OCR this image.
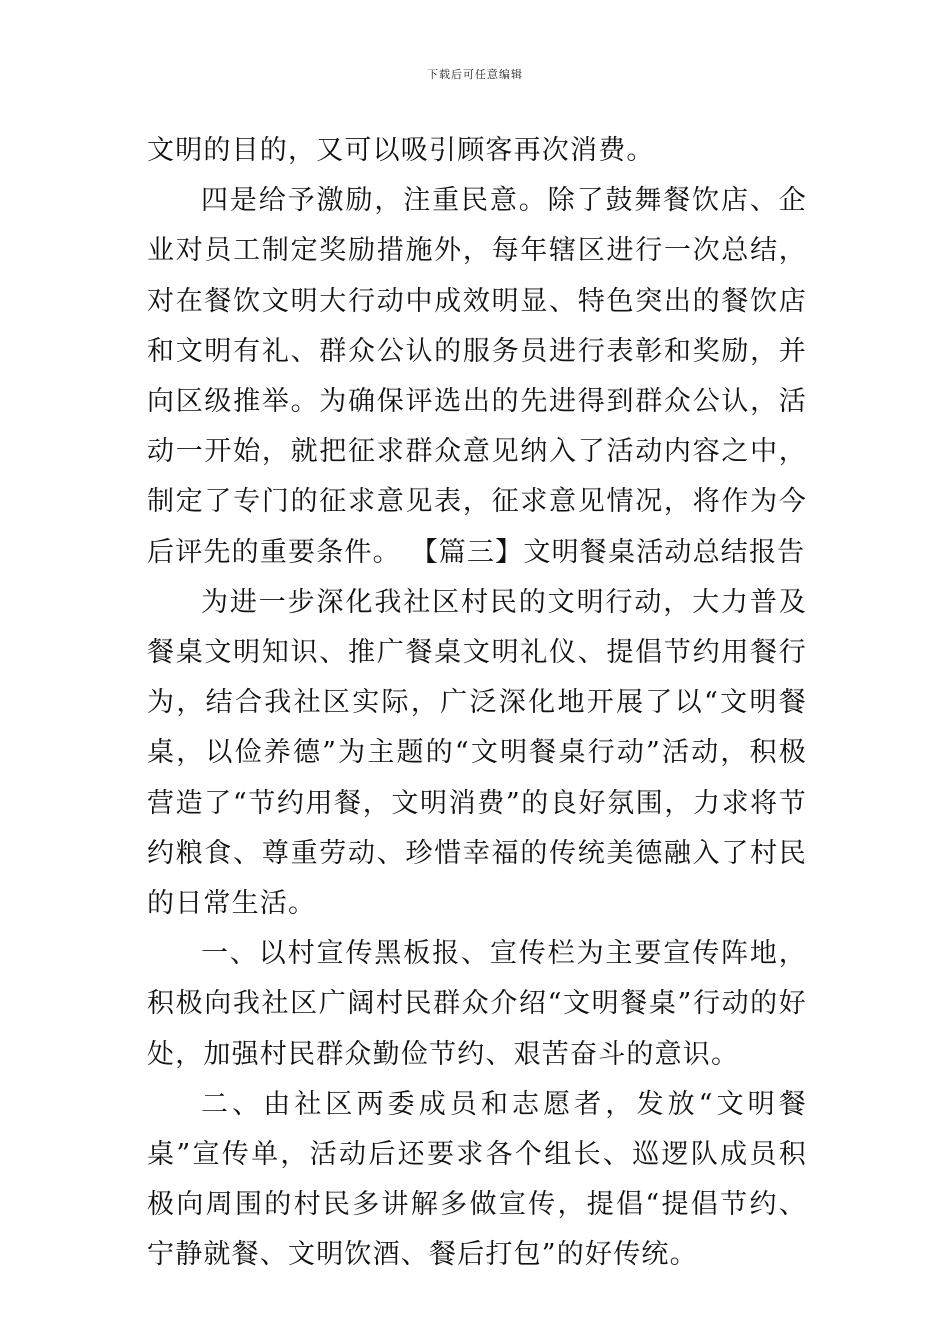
下载后可任意编辑

文明的目的，又可以吸引顾客再次消费。

四是给予激励，注重民意。除了鼓舞餐饮店、企业对员工制定奖励措施外，每年辖区进行一次总结，对在餐饮文明大行动中成效明显、特色突出的餐饮店和文明有礼、群众公认的服务员进行表彰和奖励，并向区级推举。为确保评选出的先进得到群众公认，活动一开始，就把征求群众意见纳入了活动内容之中，制定了专门的征求意见表，征求意见情况，将作为今后评先的重要条件。 【篇三】文明餐桌活动总结报告

为进一步深化我社区村民的文明行动，大力普及餐桌文明知识、推广餐桌文明礼仪、提倡节约用餐行为，结合我社区实际，广泛深化地开展了以“文明餐桌，以俭养德”为主题的“文明餐桌行动”活动，积极营造了“节约用餐，文明消费”的良好氛围，力求将节约粮食、尊重劳动、珍惜幸福的传统美德融入了村民的日常生活。

一、以村宣传黑板报、宣传栏为主要宣传阵地，积极向我社区广阔村民群众介绍“文明餐桌”行动的好处，加强村民群众勤俭节约、艰苦奋斗的意识。

二、由社区两委成员和志愿者，发放“文明餐桌”宣传单，活动后还要求各个组长、巡逻队成员积极向周围的村民多讲解多做宣传，提倡“提倡节约、宁静就餐、文明饮酒、餐后打包”的好传统。
